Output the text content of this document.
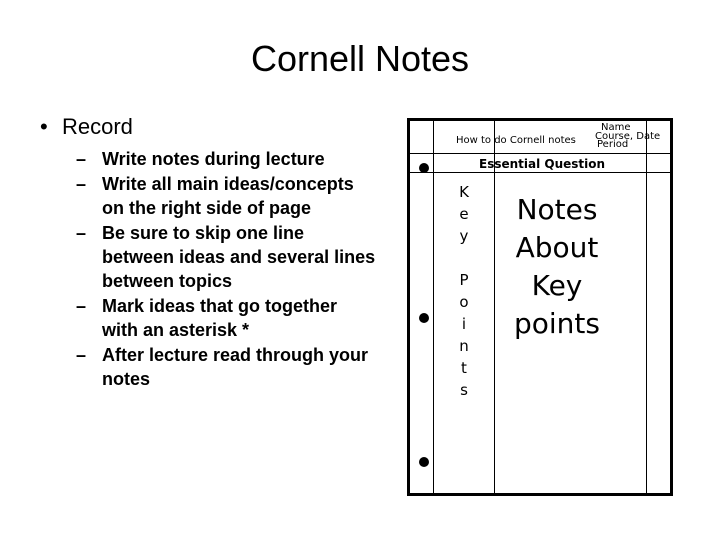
Cornell Notes
• Record
– Write notes during lecture
– Write all main ideas/concepts on the right side of page
– Be sure to skip one line between ideas and several lines between topics
– Mark ideas that go together with an asterisk *
– After lecture read through your notes
How to do Cornell notes
Name
Course, Date
Period
Essential Question
K
e
y
P
o
i
n
t
s
Notes
About
Key
points
